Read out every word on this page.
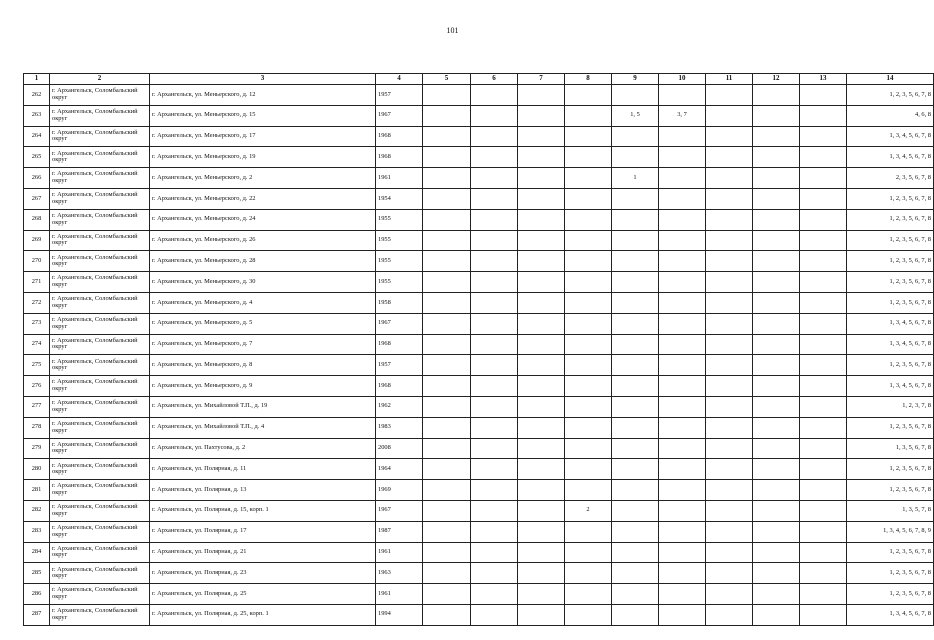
101
1	2	3	4	5	6	7	8	9	10	11	12	13	14
262	г. Архангельск, Соломбальский округ	г. Архангельск, ул. Меньерского, д. 12	1957										1, 2, 3, 5, 6, 7, 8
263	г. Архангельск, Соломбальский округ	г. Архангельск, ул. Меньерского, д. 15	1967					1, 5	3, 7				4, 6, 8
264	г. Архангельск, Соломбальский округ	г. Архангельск, ул. Меньерского, д. 17	1968										1, 3, 4, 5, 6, 7, 8
265	г. Архангельск, Соломбальский округ	г. Архангельск, ул. Меньерского, д. 19	1968										1, 3, 4, 5, 6, 7, 8
266	г. Архангельск, Соломбальский округ	г. Архангельск, ул. Меньерского, д. 2	1961					1					2, 3, 5, 6, 7, 8
267	г. Архангельск, Соломбальский округ	г. Архангельск, ул. Меньерского, д. 22	1954										1, 2, 3, 5, 6, 7, 8
268	г. Архангельск, Соломбальский округ	г. Архангельск, ул. Меньерского, д. 24	1955										1, 2, 3, 5, 6, 7, 8
269	г. Архангельск, Соломбальский округ	г. Архангельск, ул. Меньерского, д. 26	1955										1, 2, 3, 5, 6, 7, 8
270	г. Архангельск, Соломбальский округ	г. Архангельск, ул. Меньерского, д. 28	1955										1, 2, 3, 5, 6, 7, 8
271	г. Архангельск, Соломбальский округ	г. Архангельск, ул. Меньерского, д. 30	1955										1, 2, 3, 5, 6, 7, 8
272	г. Архангельск, Соломбальский округ	г. Архангельск, ул. Меньерского, д. 4	1958										1, 2, 3, 5, 6, 7, 8
273	г. Архангельск, Соломбальский округ	г. Архангельск, ул. Меньерского, д. 5	1967										1, 3, 4, 5, 6, 7, 8
274	г. Архангельск, Соломбальский округ	г. Архангельск, ул. Меньерского, д. 7	1968										1, 3, 4, 5, 6, 7, 8
275	г. Архангельск, Соломбальский округ	г. Архангельск, ул. Меньерского, д. 8	1957										1, 2, 3, 5, 6, 7, 8
276	г. Архангельск, Соломбальский округ	г. Архангельск, ул. Меньерского, д. 9	1968										1, 3, 4, 5, 6, 7, 8
277	г. Архангельск, Соломбальский округ	г. Архангельск, ул. Михайловой Т.П., д. 19	1962										1, 2, 3, 7, 8
278	г. Архангельск, Соломбальский округ	г. Архангельск, ул. Михайловой Т.П., д. 4	1983										1, 2, 3, 5, 6, 7, 8
279	г. Архангельск, Соломбальский округ	г. Архангельск, ул. Пахтусова, д. 2	2008										1, 3, 5, 6, 7, 8
280	г. Архангельск, Соломбальский округ	г. Архангельск, ул. Полярная, д. 11	1964										1, 2, 3, 5, 6, 7, 8
281	г. Архангельск, Соломбальский округ	г. Архангельск, ул. Полярная, д. 13	1969										1, 2, 3, 5, 6, 7, 8
282	г. Архангельск, Соломбальский округ	г. Архангельск, ул. Полярная, д. 15, корп. 1	1967				2						1, 3, 5, 7, 8
283	г. Архангельск, Соломбальский округ	г. Архангельск, ул. Полярная, д. 17	1987										1, 3, 4, 5, 6, 7, 8, 9
284	г. Архангельск, Соломбальский округ	г. Архангельск, ул. Полярная, д. 21	1961										1, 2, 3, 5, 6, 7, 8
285	г. Архангельск, Соломбальский округ	г. Архангельск, ул. Полярная, д. 23	1963										1, 2, 3, 5, 6, 7, 8
286	г. Архангельск, Соломбальский округ	г. Архангельск, ул. Полярная, д. 25	1961										1, 2, 3, 5, 6, 7, 8
287	г. Архангельск, Соломбальский округ	г. Архангельск, ул. Полярная, д. 25, корп. 1	1994										1, 3, 4, 5, 6, 7, 8
